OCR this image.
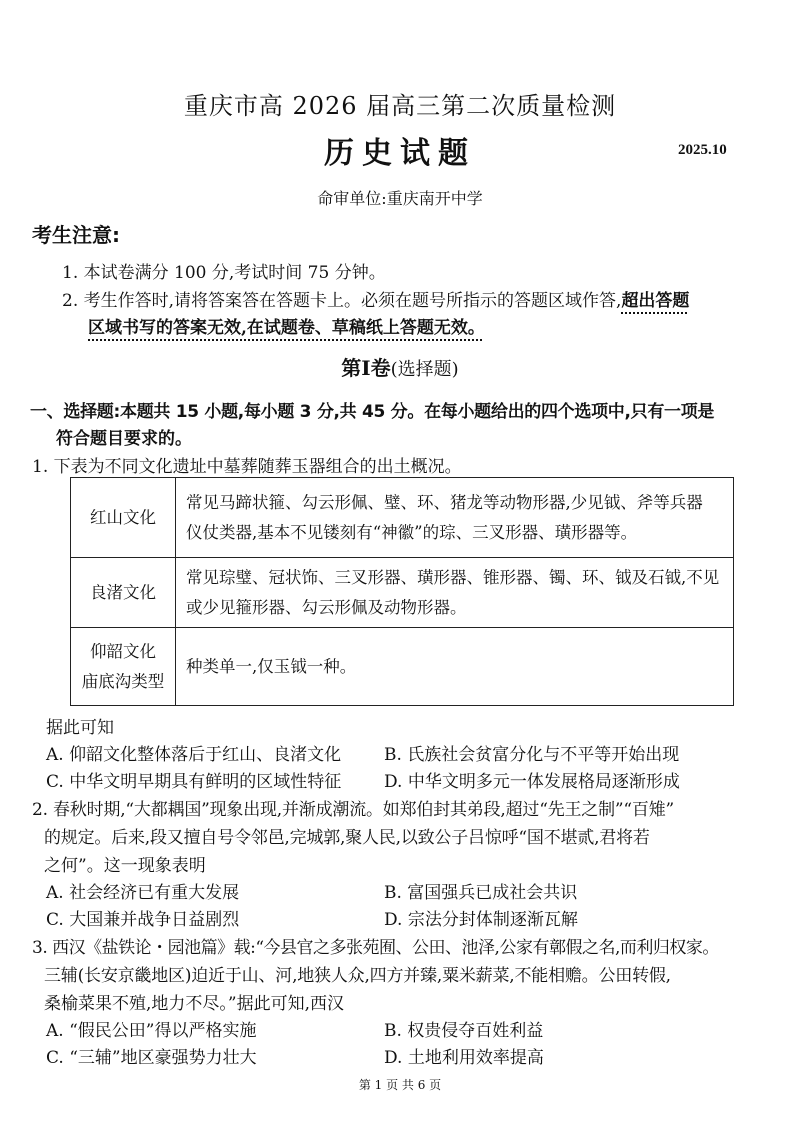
重庆市高 2026 届高三第二次质量检测
历史试题	2025.10
命审单位:重庆南开中学
考生注意:
1. 本试卷满分 100 分,考试时间 75 分钟。
2. 考生作答时,请将答案答在答题卡上。必须在题号所指示的答题区域作答,超出答题
区域书写的答案无效,在试题卷、草稿纸上答题无效。
第Ⅰ卷(选择题)
一、选择题:本题共 15 小题,每小题 3 分,共 45 分。在每小题给出的四个选项中,只有一项是
符合题目要求的。
1. 下表为不同文化遗址中墓葬随葬玉器组合的出土概况。
红山文化	常见马蹄状箍、勾云形佩、璧、环、猪龙等动物形器,少见钺、斧等兵器
仪仗类器,基本不见镂刻有“神徽”的琮、三叉形器、璜形器等。

良渚文化	常见琮璧、冠状饰、三叉形器、璜形器、锥形器、镯、环、钺及石钺,不见
或少见箍形器、勾云形佩及动物形器。

仰韶文化
庙底沟类型	种类单一,仅玉钺一种。
据此可知
A. 仰韶文化整体落后于红山、良渚文化	B. 氏族社会贫富分化与不平等开始出现
C. 中华文明早期具有鲜明的区域性特征	D. 中华文明多元一体发展格局逐渐形成
2. 春秋时期,“大都耦国”现象出现,并渐成潮流。如郑伯封其弟段,超过“先王之制”“百雉”
的规定。后来,段又擅自号令邻邑,完城郭,聚人民,以致公子吕惊呼“国不堪贰,君将若
之何”。这一现象表明
A. 社会经济已有重大发展	B. 富国强兵已成社会共识
C. 大国兼并战争日益剧烈	D. 宗法分封体制逐渐瓦解
3. 西汉《盐铁论・园池篇》载:“今县官之多张苑囿、公田、池泽,公家有鄣假之名,而利归权家。
三辅(长安京畿地区)迫近于山、河,地狭人众,四方并臻,粟米薪菜,不能相赡。公田转假,
桑榆菜果不殖,地力不尽。”据此可知,西汉
A. “假民公田”得以严格实施	B. 权贵侵夺百姓利益
C. “三辅”地区豪强势力壮大	D. 土地利用效率提高
第 1 页 共 6 页
